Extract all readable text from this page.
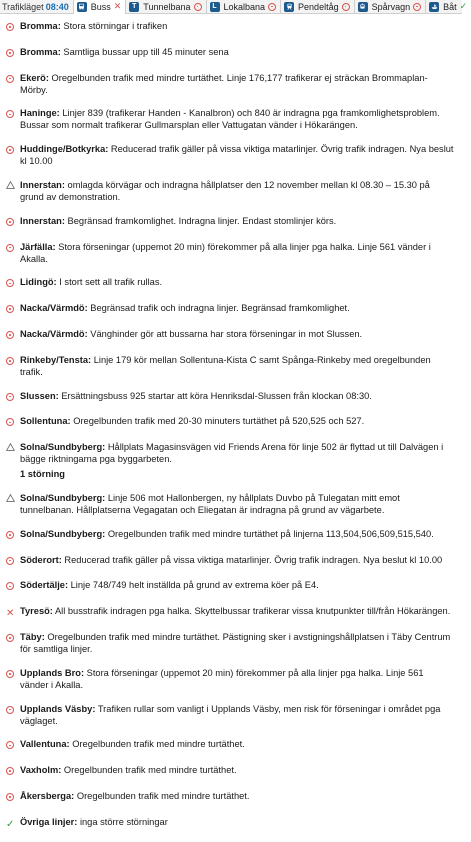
Trafikläget 08:40 Buss ✕	T Tunnelbana	L Lokalbana	Pendeltåg	Spårvagn	Båt ✓
Bromma: Stora störningar i trafiken
Bromma: Samtliga bussar upp till 45 minuter sena
Ekerö: Oregelbunden trafik med mindre turtäthet. Linje 176,177 trafikerar ej sträckan Brommaplan-Mörby.
Haninge: Linjer 839 (trafikerar Handen - Kanalbron) och 840 är indragna pga framkomlighetsproblem. Bussar som normalt trafikerar Gullmarsplan eller Vattugatan vänder i Hökarängen.
Huddinge/Botkyrka: Reducerad trafik gäller på vissa viktiga matarlinjer. Övrig trafik indragen. Nya beslut kl 10.00
Innerstan: omlagda körvägar och indragna hållplatser den 12 november mellan kl 08.30 – 15.30 på grund av demonstration.
Innerstan: Begränsad framkomlighet. Indragna linjer. Endast stomlinjer körs.
Järfälla: Stora förseningar (uppemot 20 min) förekommer på alla linjer pga halka. Linje 561 vänder i Akalla.
Lidingö: I stort sett all trafik rullas.
Nacka/Värmdö: Begränsad trafik och indragna linjer. Begränsad framkomlighet.
Nacka/Värmdö: Vänghinder gör att bussarna har stora förseningar in mot Slussen.
Rinkeby/Tensta: Linje 179 kör mellan Sollentuna-Kista C samt Spånga-Rinkeby med oregelbunden trafik.
Slussen: Ersättningsbuss 925 startar att köra Henriksdal-Slussen från klockan 08:30.
Sollentuna: Oregelbunden trafik med 20-30 minuters turtäthet på 520,525 och 527.
Solna/Sundbyberg: Hållplats Magasinsvägen vid Friends Arena för linje 502 är flyttad ut till Dalvägen i bägge riktningarna pga byggarbeten.
1 störning
Solna/Sundbyberg: Linje 506 mot Hallonbergen, ny hållplats Duvbo på Tulegatan mitt emot tunnelbanan. Hållplatserna Vegagatan och Eliegatan är indragna på grund av vägarbete.
Solna/Sundbyberg: Oregelbunden trafik med mindre turtäthet på linjerna 113,504,506,509,515,540.
Söderort: Reducerad trafik gäller på vissa viktiga matarlinjer. Övrig trafik indragen. Nya beslut kl 10.00
Södertälje: Linje 748/749 helt inställda på grund av extrema köer på E4.
✕ Tyresö: All busstrafik indragen pga halka. Skyttelbussar trafikerar vissa knutpunkter till/från Hökarängen.
Täby: Oregelbunden trafik med mindre turtäthet. Pästigning sker i avstigningshållplatsen i Täby Centrum för samtliga linjer.
Upplands Bro: Stora förseningar (uppemot 20 min) förekommer på alla linjer pga halka. Linje 561 vänder i Akalla.
Upplands Väsby: Trafiken rullar som vanligt i Upplands Väsby, men risk för förseningar i området pga väglaget.
Vallentuna: Oregelbunden trafik med mindre turtäthet.
Vaxholm: Oregelbunden trafik med mindre turtäthet.
Åkersberga: Oregelbunden trafik med mindre turtäthet.
✓ Övriga linjer: inga större störningar
